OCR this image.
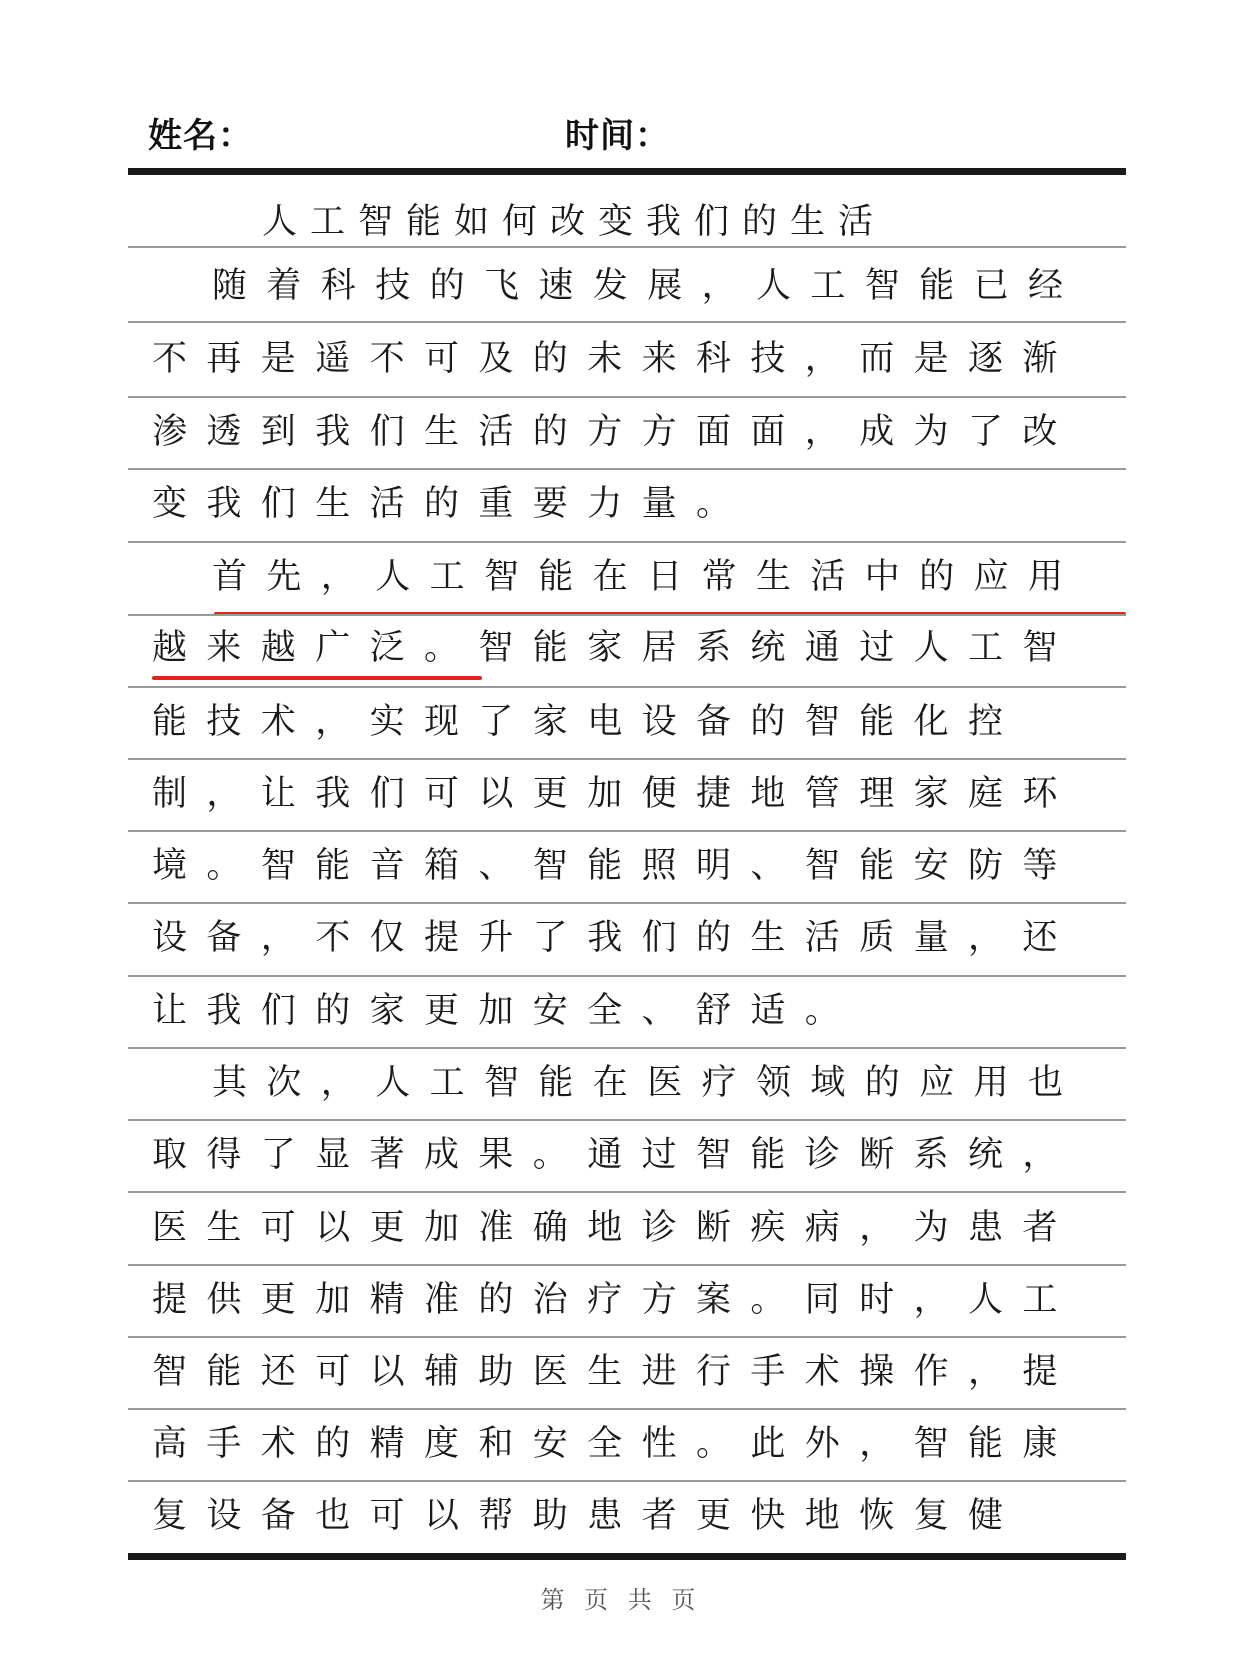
姓名：	时间：
人工智能如何改变我们的生活
随着科技的飞速发展，人工智能已经
不再是遥不可及的未来科技，而是逐渐
渗透到我们生活的方方面面，成为了改
变我们生活的重要力量。
首先，人工智能在日常生活中的应用
越来越广泛。智能家居系统通过人工智
能技术，实现了家电设备的智能化控
制，让我们可以更加便捷地管理家庭环
境。智能音箱、智能照明、智能安防等
设备，不仅提升了我们的生活质量，还
让我们的家更加安全、舒适。
其次，人工智能在医疗领域的应用也
取得了显著成果。通过智能诊断系统，
医生可以更加准确地诊断疾病，为患者
提供更加精准的治疗方案。同时，人工
智能还可以辅助医生进行手术操作，提
高手术的精度和安全性。此外，智能康
复设备也可以帮助患者更快地恢复健
第 页 共 页
